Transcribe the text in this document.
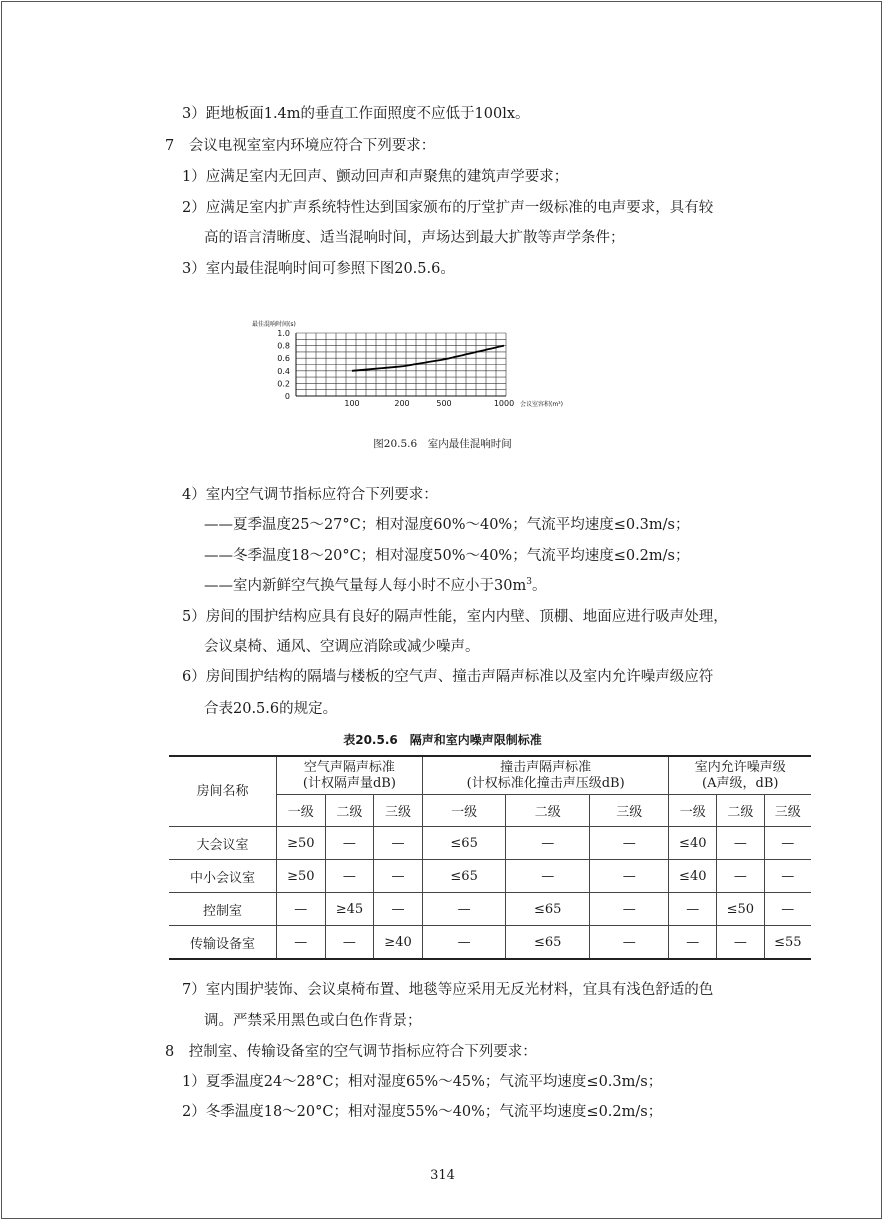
3）距地板面1.4m的垂直工作面照度不应低于100lx。
7　会议电视室室内环境应符合下列要求：
1）应满足室内无回声、颤动回声和声聚焦的建筑声学要求；
2）应满足室内扩声系统特性达到国家颁布的厅堂扩声一级标准的电声要求，具有较
高的语言清晰度、适当混响时间，声场达到最大扩散等声学条件；
3）室内最佳混响时间可参照下图20.5.6。
1.0
0.8
0.6
0.4
0.2
0
100	200	500	1000
最佳混响时间(s)
会议室容积(m³)
图20.5.6　室内最佳混响时间
4）室内空气调节指标应符合下列要求：
——夏季温度25～27°C；相对湿度60%～40%；气流平均速度≤0.3m/s；
——冬季温度18～20°C；相对湿度50%～40%；气流平均速度≤0.2m/s；
——室内新鲜空气换气量每人每小时不应小于$30m^3$。
5）房间的围护结构应具有良好的隔声性能，室内内壁、顶棚、地面应进行吸声处理，
会议桌椅、通风、空调应消除或减少噪声。
6）房间围护结构的隔墙与楼板的空气声、撞击声隔声标准以及室内允许噪声级应符
合表20.5.6的规定。
表20.5.6　隔声和室内噪声限制标准
房间名称	空气声隔声标准
(计权隔声量dB)			撞击声隔声标准
(计权标准化撞击声压级dB)			室内允许噪声级
(A声级，dB)		
	一级	二级	三级	一级	二级	三级	一级	二级	三级
大会议室	≥50	—	—	≤65	—	—	≤40	—	—
中小会议室	≥50	—	—	≤65	—	—	≤40	—	—
控制室	—	≥45	—	—	≤65	—	—	≤50	—
传输设备室	—	—	≥40	—	≤65	—	—	—	≤55
7）室内围护装饰、会议桌椅布置、地毯等应采用无反光材料，宜具有浅色舒适的色
调。严禁采用黑色或白色作背景；
8　控制室、传输设备室的空气调节指标应符合下列要求：
1）夏季温度24～28°C；相对湿度65%～45%；气流平均速度≤0.3m/s；
2）冬季温度18～20°C；相对湿度55%～40%；气流平均速度≤0.2m/s；
314
